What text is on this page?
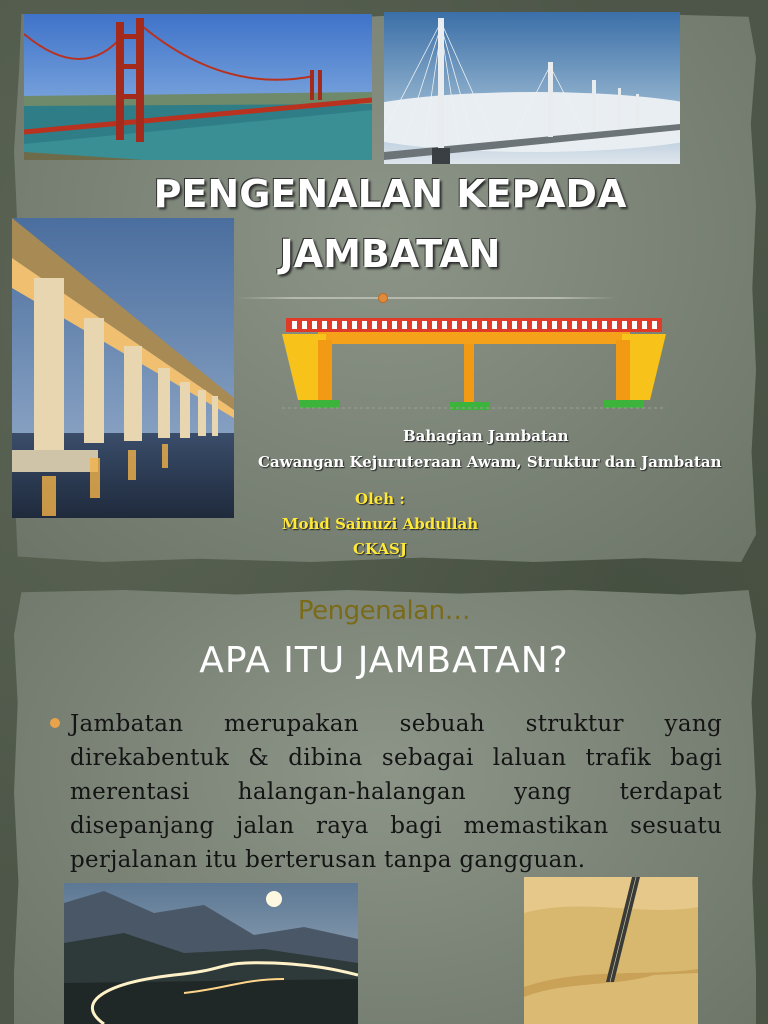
PENGENALAN KEPADA JAMBATAN
Bahagian Jambatan
Cawangan Kejuruteraan Awam, Struktur dan Jambatan
Oleh :
Mohd Sainuzi Abdullah
CKASJ
Pengenalan…
APA ITU JAMBATAN?
Jambatan merupakan sebuah struktur yang direkabentuk & dibina sebagai laluan trafik bagi merentasi halangan-halangan yang terdapat disepanjang jalan raya bagi memastikan sesuatu perjalanan itu berterusan tanpa gangguan.
